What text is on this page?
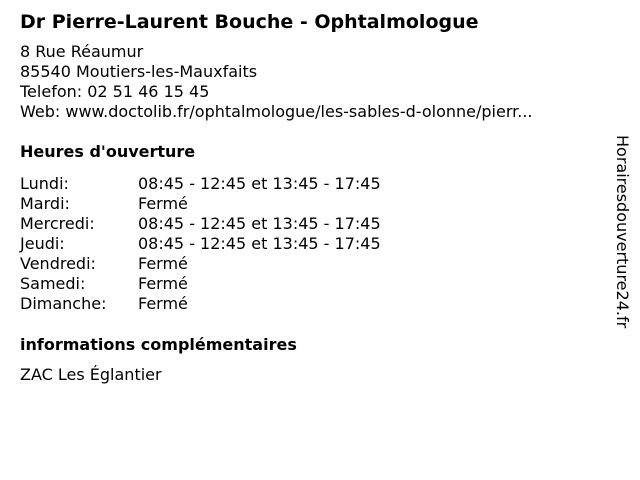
Dr Pierre-Laurent Bouche - Ophtalmologue
8 Rue Réaumur
85540 Moutiers-les-Mauxfaits
Telefon: 02 51 46 15 45
Web: www.doctolib.fr/ophtalmologue/les-sables-d-olonne/pierr...
Heures d'ouverture
Lundi:	08:45 - 12:45 et 13:45 - 17:45
Mardi:	Fermé
Mercredi:	08:45 - 12:45 et 13:45 - 17:45
Jeudi:	08:45 - 12:45 et 13:45 - 17:45
Vendredi:	Fermé
Samedi:	Fermé
Dimanche:	Fermé
informations complémentaires
ZAC Les Églantier
Horairesdouverture24.fr
